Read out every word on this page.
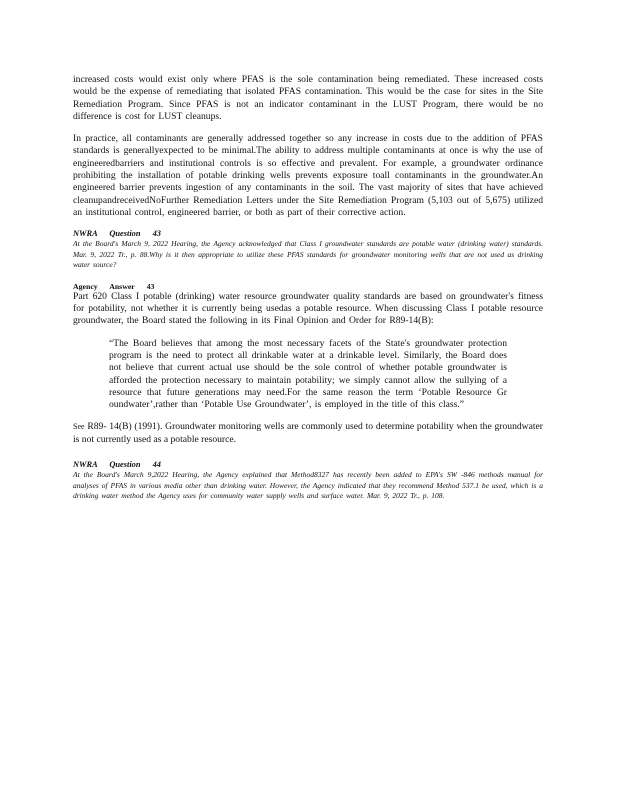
increased costs would exist only where PFAS is the sole contamination being remediated. These increased costs would be the expense of remediating that isolated PFAS contamination. This would be the case for sites in the Site Remediation Program. Since PFAS is not an indicator contaminant in the LUST Program, there would be no difference is cost for LUST cleanups.

In practice, all contaminants are generally addressed together so any increase in costs due to the addition of PFAS standards is generallyexpected to be minimal.The ability to address multiple contaminants at once is why the use of engineeredbarriers and institutional controls is so effective and prevalent. For example, a groundwater ordinance prohibiting the installation of potable drinking wells prevents exposure toall contaminants in the groundwater.An engineered barrier prevents ingestion of any contaminants in the soil. The vast majority of sites that have achieved cleanupandreceivedNoFurther Remediation Letters under the Site Remediation Program (5,103 out of 5,675) utilized an institutional control, engineered barrier, or both as part of their corrective action.

NWRA Question 43

At the Board's March 9, 2022 Hearing, the Agency acknowledged that Class I groundwater standards are potable water (drinking water) standards. Mar. 9, 2022 Tr., p. 88.Why is it then appropriate to utilize these PFAS standards for groundwater monitoring wells that are not used as drinking water source?

Agency Answer 43

Part 620 Class I potable (drinking) water resource groundwater quality standards are based on groundwater's fitness for potability, not whether it is currently being usedas a potable resource. When discussing Class I potable resource groundwater, the Board stated the following in its Final Opinion and Order for R89-14(B):

“The Board believes that among the most necessary facets of the State's groundwater protection program is the need to protect all drinkable water at a drinkable level. Similarly, the Board does not believe that current actual use should be the sole control of whether potable groundwater is afforded the protection necessary to maintain potability; we simply cannot allow the sullying of a resource that future generations may need.For the same reason the term ‘Potable Resource Gr oundwater’,rather than ‘Potable Use Groundwater’, is employed in the title of this class.”

See R89- 14(B) (1991). Groundwater monitoring wells are commonly used to determine potability when the groundwater is not currently used as a potable resource.

NWRA Question 44

At the Board's March 9,2022 Hearing, the Agency explained that Method8327 has recently been added to EPA's SW -846 methods manual for analyses of PFAS in various media other than drinking water. However, the Agency indicated that they recommend Method 537.1 be used, which is a drinking water method the Agency uses for community water supply wells and surface water. Mar. 9, 2022 Tr., p. 108.
